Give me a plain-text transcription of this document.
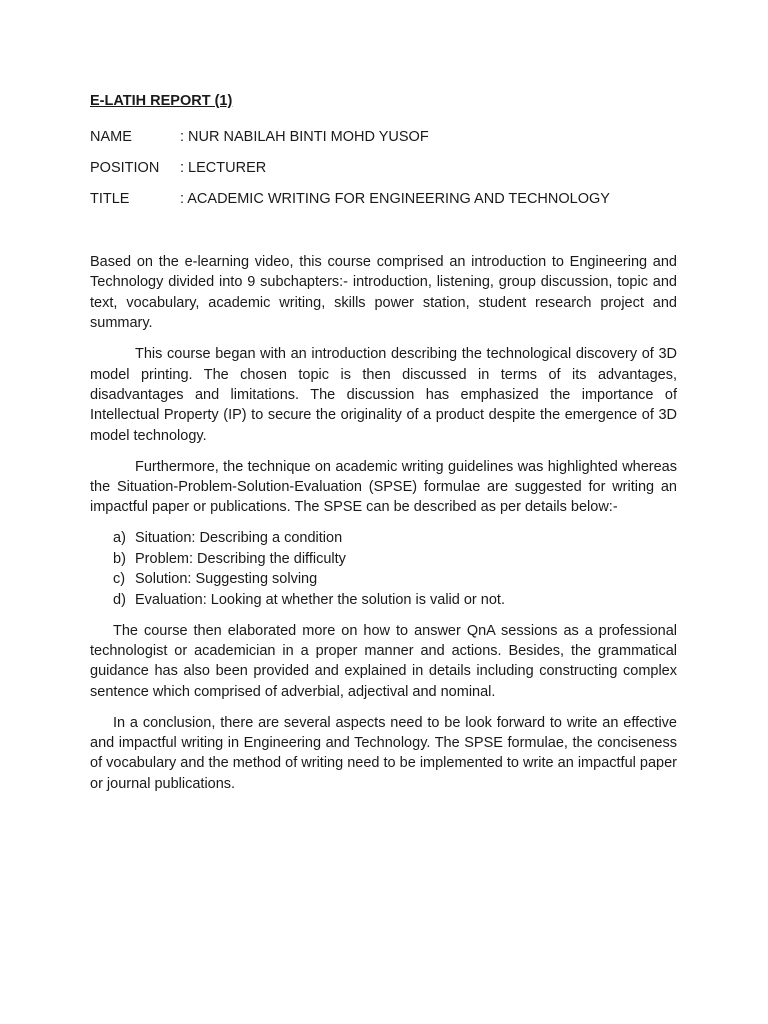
E-LATIH REPORT (1)
NAME	: NUR NABILAH BINTI MOHD YUSOF
POSITION : LECTURER
TITLE	: ACADEMIC WRITING FOR ENGINEERING AND TECHNOLOGY

Based on the e-learning video, this course comprised an introduction to Engineering and Technology divided into 9 subchapters:- introduction, listening, group discussion, topic and text, vocabulary, academic writing, skills power station, student research project and summary.

This course began with an introduction describing the technological discovery of 3D model printing. The chosen topic is then discussed in terms of its advantages, disadvantages and limitations. The discussion has emphasized the importance of Intellectual Property (IP) to secure the originality of a product despite the emergence of 3D model technology.

Furthermore, the technique on academic writing guidelines was highlighted whereas the Situation-Problem-Solution-Evaluation (SPSE) formulae are suggested for writing an impactful paper or publications. The SPSE can be described as per details below:-

a) Situation: Describing a condition
b) Problem: Describing the difficulty
c) Solution: Suggesting solving
d) Evaluation: Looking at whether the solution is valid or not.

The course then elaborated more on how to answer QnA sessions as a professional technologist or academician in a proper manner and actions. Besides, the grammatical guidance has also been provided and explained in details including constructing complex sentence which comprised of adverbial, adjectival and nominal.

In a conclusion, there are several aspects need to be look forward to write an effective and impactful writing in Engineering and Technology. The SPSE formulae, the conciseness of vocabulary and the method of writing need to be implemented to write an impactful paper or journal publications.
